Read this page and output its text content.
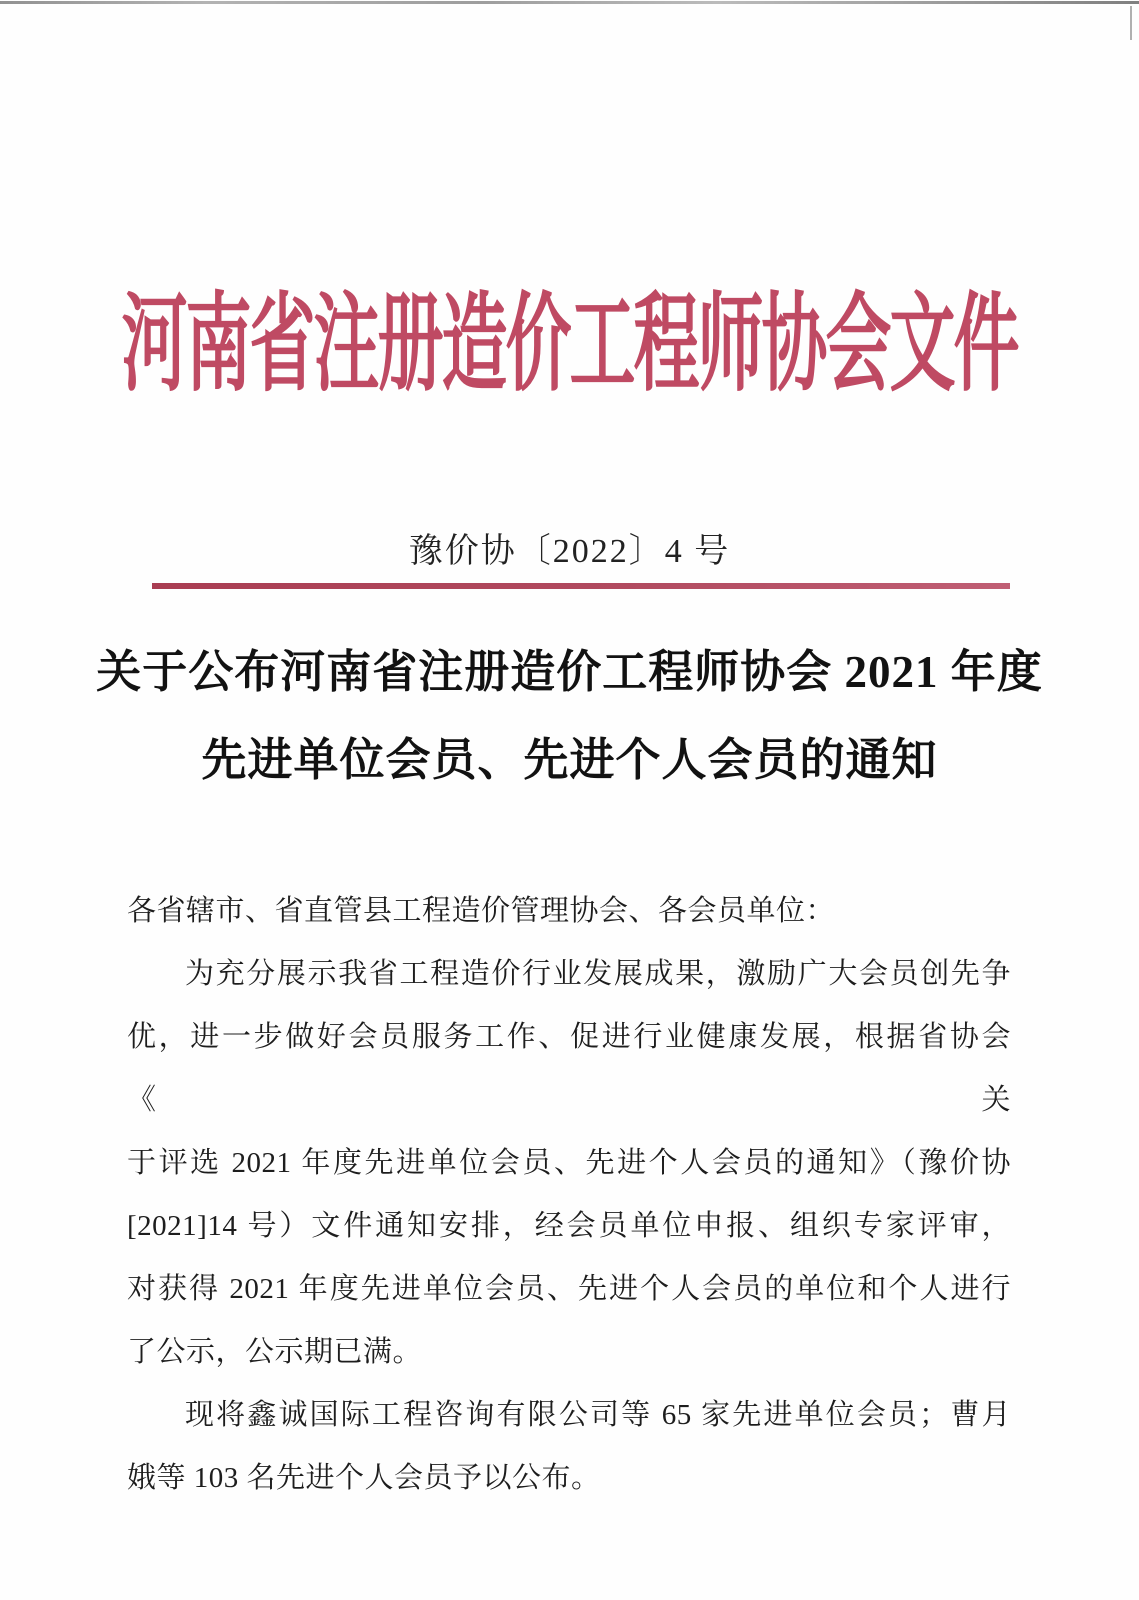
河南省注册造价工程师协会文件
豫价协〔2022〕4 号
关于公布河南省注册造价工程师协会 2021 年度
先进单位会员、先进个人会员的通知
各省辖市、省直管县工程造价管理协会、各会员单位：
为充分展示我省工程造价行业发展成果，激励广大会员创先争
优，进一步做好会员服务工作、促进行业健康发展，根据省协会《关
于评选 2021 年度先进单位会员、先进个人会员的通知》（豫价协
[2021]14 号）文件通知安排，经会员单位申报、组织专家评审，
对获得 2021 年度先进单位会员、先进个人会员的单位和个人进行
了公示，公示期已满。
现将鑫诚国际工程咨询有限公司等 65 家先进单位会员；曹月
娥等 103 名先进个人会员予以公布。
